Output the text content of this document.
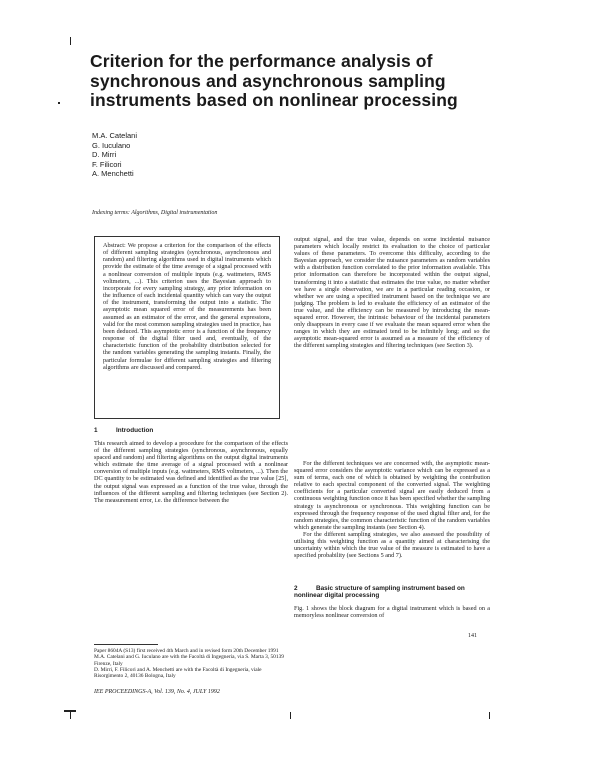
Criterion for the performance analysis of synchronous and asynchronous sampling instruments based on nonlinear processing
M.A. Catelani
G. Iuculano
D. Mirri
F. Filicori
A. Menchetti
Indexing terms: Algorithms, Digital instrumentation
Abstract: We propose a criterion for the comparison of the effects of different sampling strategies (synchronous, asynchronous and random) and filtering algorithms used in digital instruments which provide the estimate of the time average of a signal processed with a nonlinear conversion of multiple inputs (e.g. wattmeters, RMS voltmeters, ...). This criterion uses the Bayesian approach to incorporate for every sampling strategy, any prior information on the influence of each incidental quantity which can vary the output of the instrument, transforming the output into a statistic. The asymptotic mean squared error of the measurements has been assumed as an estimator of the error, and the general expressions, valid for the most common sampling strategies used in practice, has been deduced. This asymptotic error is a function of the frequency response of the digital filter used and, eventually, of the characteristic function of the probability distribution selected for the random variables generating the sampling instants. Finally, the particular formulae for different sampling strategies and filtering algorithms are discussed and compared.
1	Introduction

This research aimed to develop a procedure for the comparison of the effects of the different sampling strategies (synchronous, asynchronous, equally spaced and random) and filtering algorithms on the output digital instruments which estimate the time average of a signal processed with a nonlinear conversion of multiple inputs (e.g. wattmeters, RMS voltmeters, ...). Then the DC quantity to be estimated was defined and identified as the true value [25], the output signal was expressed as a function of the true value, through the influences of the different sampling and filtering techniques (see Section 2). The measurement error, i.e. the difference between the

Paper 8604A (S13) first received 4th March and in revised form 20th December 1991

M.A. Catelani and G. Iuculano are with the Facoltà di Ingegneria, via S. Marta 3, 50139 Firenze, Italy

D. Mirri, F. Filicori and A. Menchetti are with the Facoltà di Ingegneria, viale Risorgimento 2, 40136 Bologna, Italy

IEE PROCEEDINGS-A, Vol. 139, No. 4, JULY 1992

output signal, and the true value, depends on some incidental nuisance parameters which locally restrict its evaluation to the choice of particular values of these parameters. To overcome this difficulty, according to the Bayesian approach, we consider the nuisance parameters as random variables with a distribution function correlated to the prior information available. This prior information can therefore be incorporated within the output signal, transforming it into a statistic that estimates the true value, no matter whether we have a single observation, we are in a particular reading occasion, or whether we are using a specified instrument based on the technique we are judging. The problem is led to evaluate the efficiency of an estimator of the true value, and the efficiency can be measured by introducing the mean-squared error. However, the intrinsic behaviour of the incidental parameters only disappears in every case if we evaluate the mean squared error when the ranges in which they are estimated tend to be infinitely long; and so the asymptotic mean-squared error is assumed as a measure of the efficiency of the different sampling strategies and filtering techniques (see Section 3).

For the different techniques we are concerned with, the asymptotic mean-squared error considers the asymptotic variance which can be expressed as a sum of terms, each one of which is obtained by weighting the contribution relative to each spectral component of the converted signal. The weighting coefficients for a particular converted signal are easily deduced from a continuous weighting function once it has been specified whether the sampling strategy is asynchronous or synchronous. This weighting function can be expressed through the frequency response of the used digital filter and, for the random strategies, the common characteristic function of the random variables which generate the sampling instants (see Section 4).

For the different sampling strategies, we also assessed the possibility of utilising this weighting function as a quantity aimed at characterising the uncertainty within which the true value of the measure is estimated to have a specified probability (see Sections 5 and 7).

2	Basic structure of sampling instrument based on nonlinear digital processing

Fig. 1 shows the block diagram for a digital instrument which is based on a memoryless nonlinear conversion of

141
